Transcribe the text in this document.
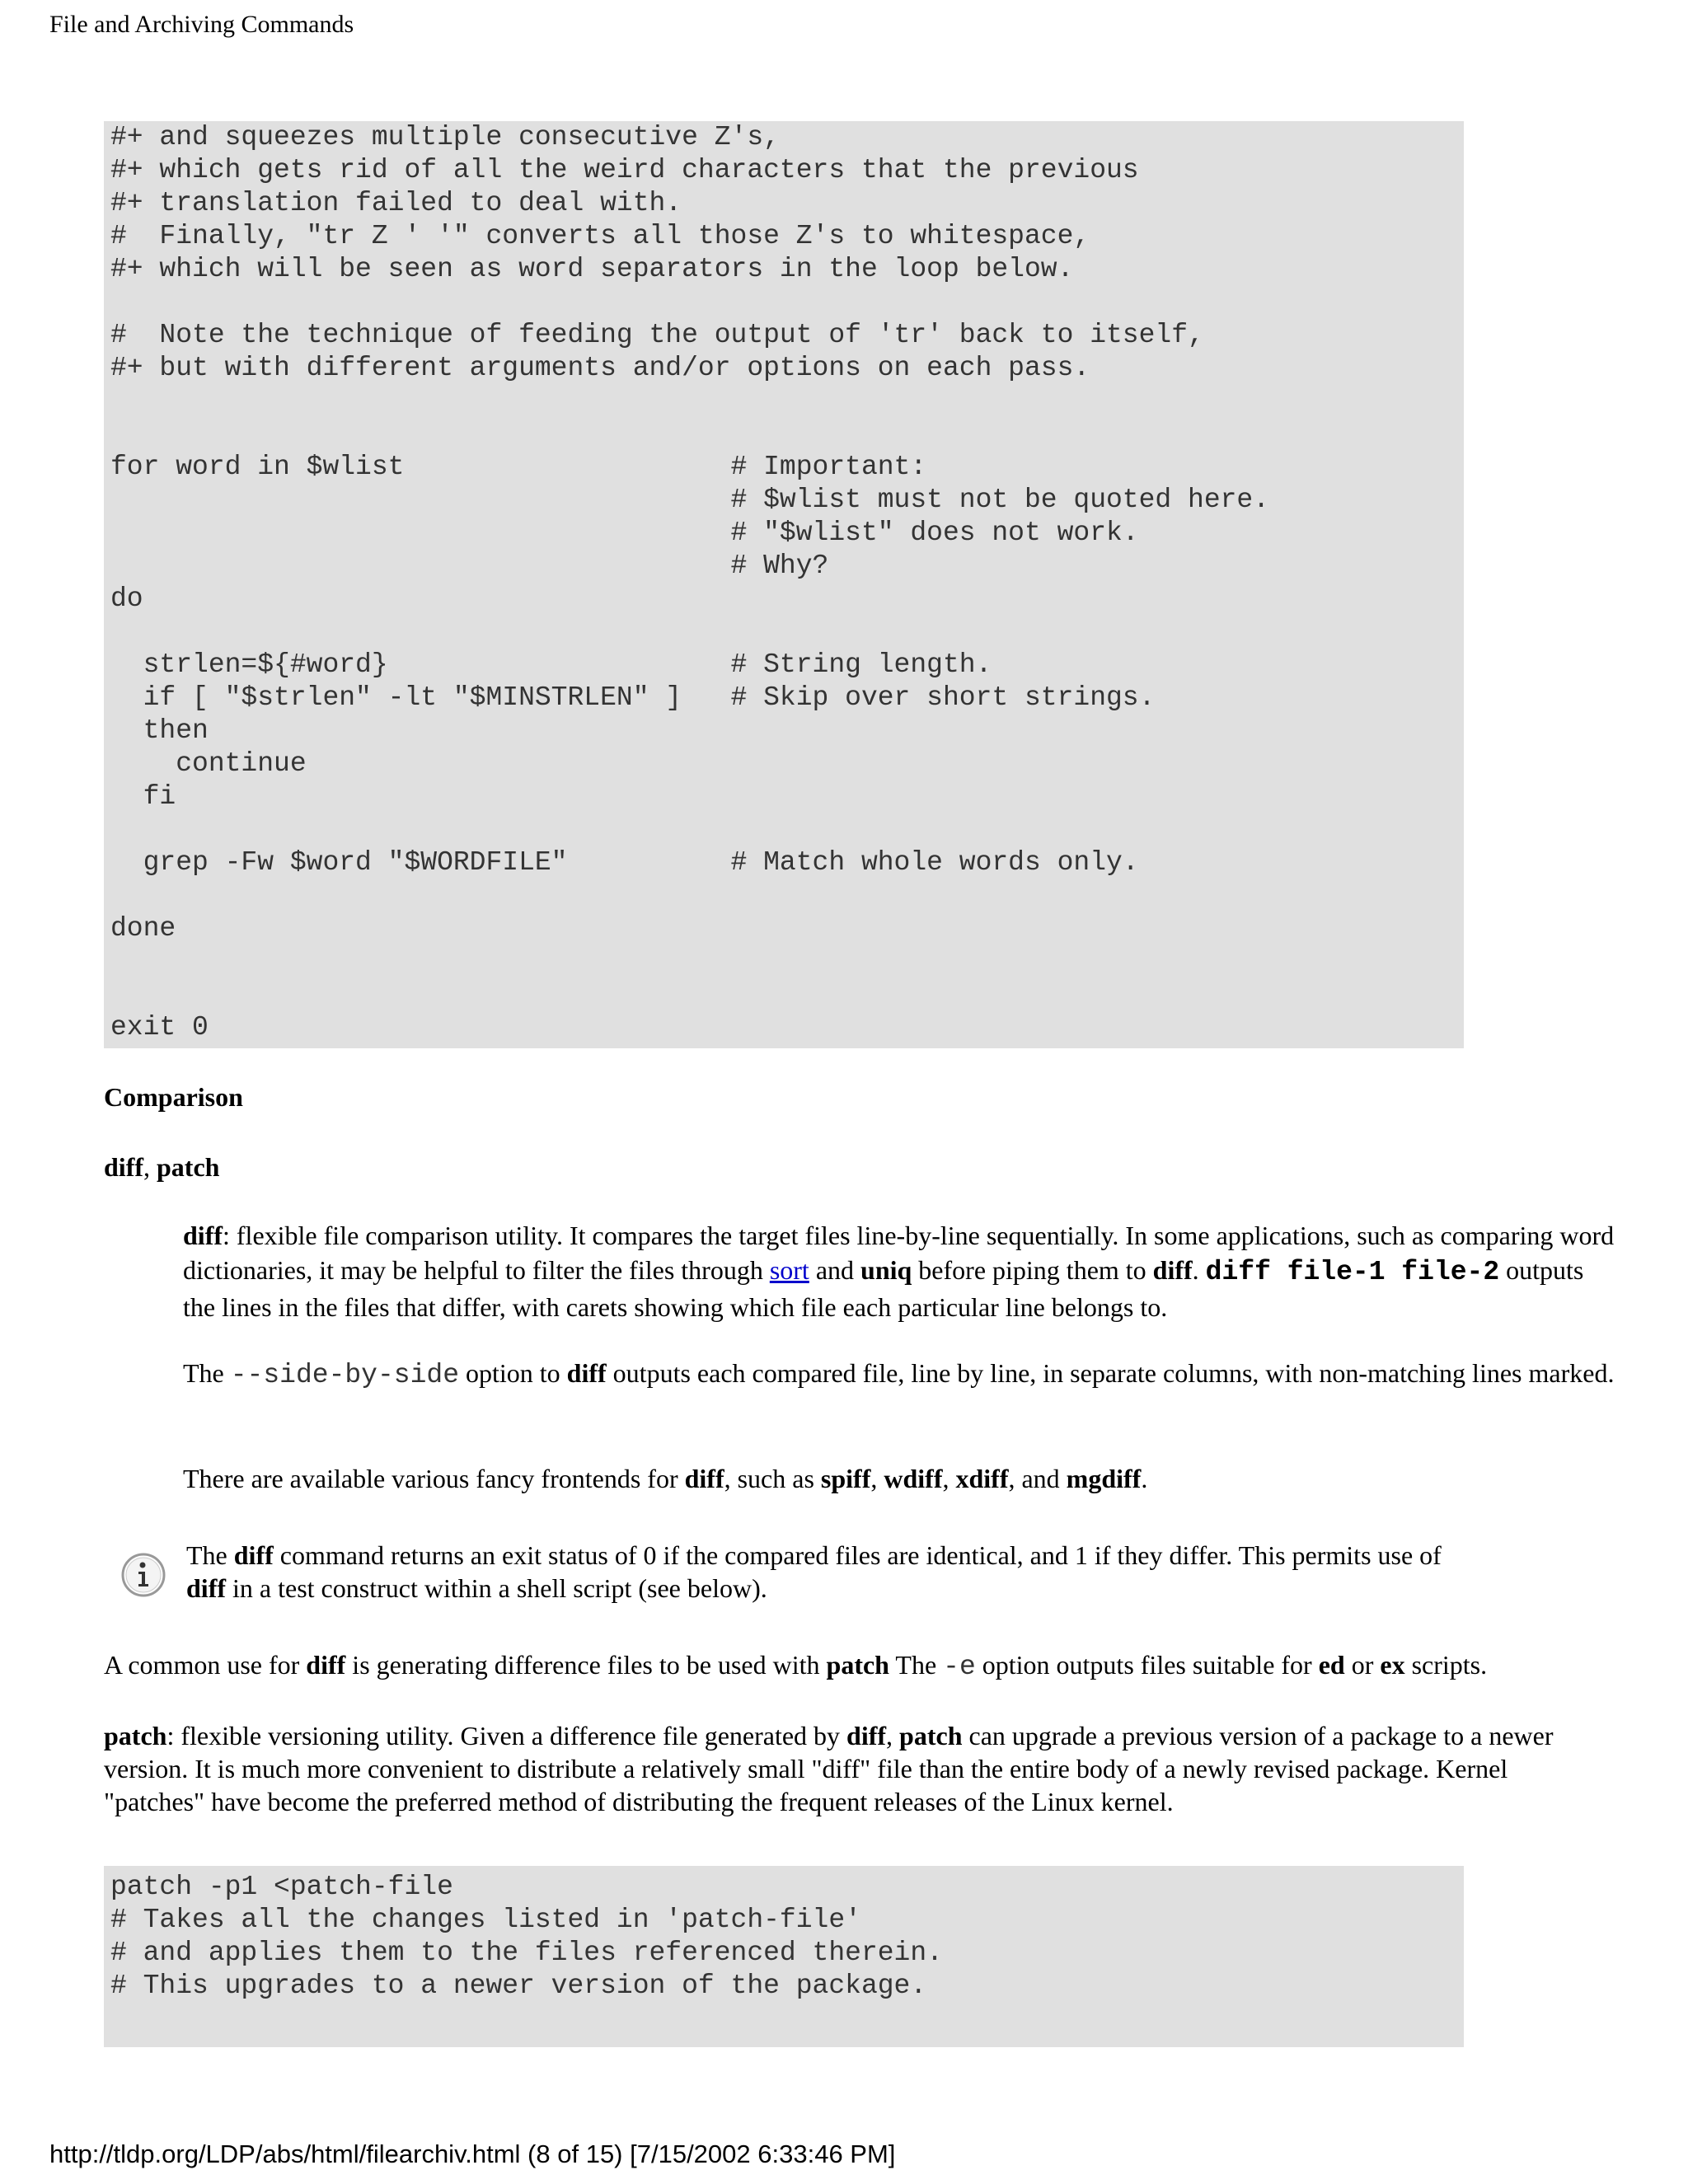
File and Archiving Commands
#+ and squeezes multiple consecutive Z's,
#+ which gets rid of all the weird characters that the previous
#+ translation failed to deal with.
#  Finally, "tr Z ' '" converts all those Z's to whitespace,
#+ which will be seen as word separators in the loop below.

#  Note the technique of feeding the output of 'tr' back to itself,
#+ but with different arguments and/or options on each pass.

for word in $wlist                    # Important:
# $wlist must not be quoted here.
# "$wlist" does not work.
# Why?
do

strlen=${#word}                     # String length.
if [ "$strlen" -lt "$MINSTRLEN" ]   # Skip over short strings.
then
continue
fi

grep -Fw $word "$WORDFILE"          # Match whole words only.

done

exit 0
Comparison
diff, patch
diff: flexible file comparison utility. It compares the target files line-by-line sequentially. In some applications, such as comparing word dictionaries, it may be helpful to filter the files through sort and uniq before piping them to diff. diff file-1 file-2 outputs the lines in the files that differ, with carets showing which file each particular line belongs to.
The --side-by-side option to diff outputs each compared file, line by line, in separate columns, with non-matching lines marked.
There are available various fancy frontends for diff, such as spiff, wdiff, xdiff, and mgdiff.
The diff command returns an exit status of 0 if the compared files are identical, and 1 if they differ. This permits use of diff in a test construct within a shell script (see below).
A common use for diff is generating difference files to be used with patch The -e option outputs files suitable for ed or ex scripts.
patch: flexible versioning utility. Given a difference file generated by diff, patch can upgrade a previous version of a package to a newer version. It is much more convenient to distribute a relatively small "diff" file than the entire body of a newly revised package. Kernel "patches" have become the preferred method of distributing the frequent releases of the Linux kernel.
patch -p1 <patch-file
# Takes all the changes listed in 'patch-file'
# and applies them to the files referenced therein.
# This upgrades to a newer version of the package.
http://tldp.org/LDP/abs/html/filearchiv.html (8 of 15) [7/15/2002 6:33:46 PM]
